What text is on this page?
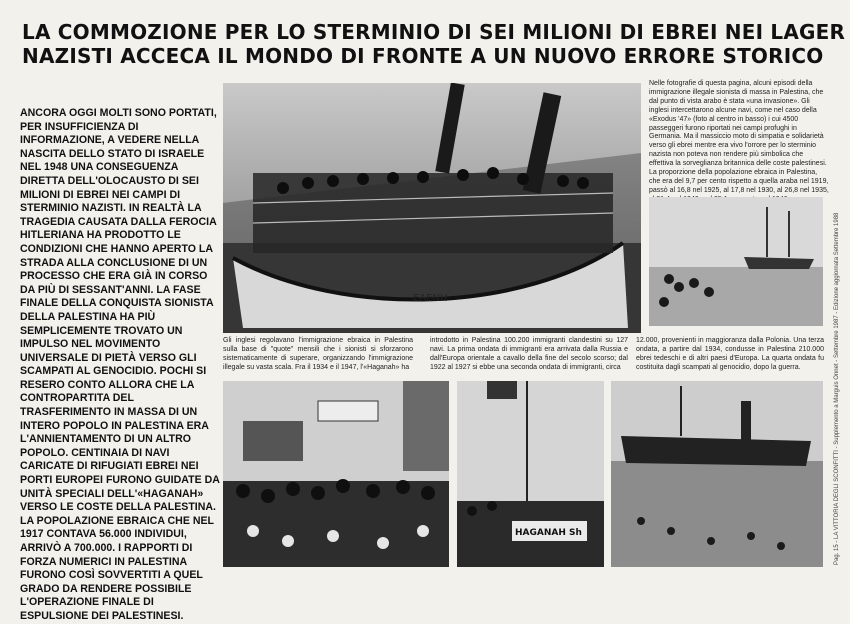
LA COMMOZIONE PER LO STERMINIO DI SEI MILIONI DI EBREI NEI LAGER
NAZISTI ACCECA IL MONDO DI FRONTE A UN NUOVO ERRORE STORICO

ANCORA OGGI MOLTI SONO PORTATI, PER INSUFFICIENZA DI INFORMAZIONE, A VEDERE NELLA NASCITA DELLO STATO DI ISRAELE NEL 1948 UNA CONSEGUENZA DIRETTA DELL'OLOCAUSTO DI SEI MILIONI DI EBREI NEI CAMPI DI STERMINIO NAZISTI. IN REALTÀ LA TRAGEDIA CAUSATA DALLA FEROCIA HITLERIANA HA PRODOTTO LE CONDIZIONI CHE HANNO APERTO LA STRADA ALLA CONCLUSIONE DI UN PROCESSO CHE ERA GIÀ IN CORSO DA PIÙ DI SESSANT'ANNI. LA FASE FINALE DELLA CONQUISTA SIONISTA DELLA PALESTINA HA PIÙ SEMPLICEMENTE TROVATO UN IMPULSO NEL MOVIMENTO UNIVERSALE DI PIETÀ VERSO GLI SCAMPATI AL GENOCIDIO. POCHI SI RESERO CONTO ALLORA CHE LA CONTROPARTITA DEL TRASFERIMENTO IN MASSA DI UN INTERO POPOLO IN PALESTINA ERA L'ANNIENTAMENTO DI UN ALTRO POPOLO. CENTINAIA DI NAVI CARICATE DI RIFUGIATI EBREI NEI PORTI EUROPEI FURONO GUIDATE DA UNITÀ SPECIALI DELL'«HAGANAH» VERSO LE COSTE DELLA PALESTINA. LA POPOLAZIONE EBRAICA CHE NEL 1917 CONTAVA 56.000 INDIVIDUI, ARRIVÒ A 700.000. I RAPPORTI DI FORZA NUMERICI IN PALESTINA FURONO COSÌ SOVVERTITI A QUEL GRADO DA RENDERE POSSIBILE L'OPERAZIONE FINALE DI ESPULSIONE DEI PALESTINESI.

ΕΛΕΝΗ

Nelle fotografie di questa pagina, alcuni episodi della immigrazione illegale sionista di massa in Palestina, che dal punto di vista arabo è stata «una invasione». Gli inglesi intercettarono alcune navi, come nel caso della «Exodus '47» (foto al centro in basso) i cui 4500 passeggeri furono riportati nei campi profughi in Germania. Ma il massiccio moto di simpatia e solidarietà verso gli ebrei mentre era vivo l'orrore per lo sterminio nazista non poteva non rendere più simbolica che effettiva la sorveglianza britannica delle coste palestinesi. La proporzione della popolazione ebraica in Palestina, che era del 9,7 per cento rispetto a quella araba nel 1919, passò al 16,8 nel 1925, al 17,8 nel 1930, al 26,8 nel 1935,

Gli inglesi regolavano l'immigrazione ebraica in Palestina sulla base di "quote" mensili che i sionisti si sforzarono sistematicamente di superare, organizzando l'immigrazione illegale su vasta scala. Fra il 1934 e il 1947, l'«Haganah» ha

introdotto in Palestina 100.200 immigranti clandestini su 127 navi. La prima ondata di immigranti era arrivata dalla Russia e dall'Europa orientale a cavallo della fine del secolo scorso; dal 1922 al 1927 si ebbe una seconda ondata di immigranti, circa

12.000, provenienti in maggioranza dalla Polonia. Una terza ondata, a partire dal 1934, condusse in Palestina 210.000 ebrei tedeschi e di altri paesi d'Europa. La quarta ondata fu costituita dagli scampati al genocidio, dopo la guerra.

HAGANAH Sh	Pag. 15 - LA VITTORIA DEGLI SCONFITTI - Supplemento a Marguis Onnet - Settembre 1987 - Edizione aggiornata Settembre 1988
